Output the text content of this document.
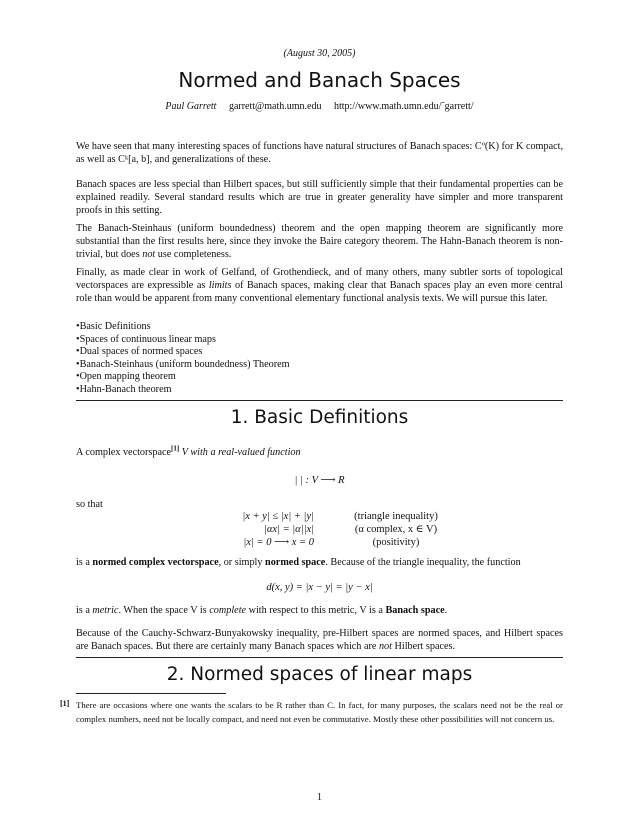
(August 30, 2005)
Normed and Banach Spaces
Paul Garrett garrett@math.umn.edu http://www.math.umn.edu/˜garrett/

We have seen that many interesting spaces of functions have natural structures of Banach spaces: Cº(K) for K compact, as well as Cᵏ[a, b], and generalizations of these.

Banach spaces are less special than Hilbert spaces, but still sufficiently simple that their fundamental properties can be explained readily. Several standard results which are true in greater generality have simpler and more transparent proofs in this setting.

The Banach-Steinhaus (uniform boundedness) theorem and the open mapping theorem are significantly more substantial than the first results here, since they invoke the Baire category theorem. The Hahn-Banach theorem is non-trivial, but does not use completeness.

Finally, as made clear in work of Gelfand, of Grothendieck, and of many others, many subtler sorts of topological vectorspaces are expressible as limits of Banach spaces, making clear that Banach spaces play an even more central role than would be apparent from many conventional elementary functional analysis texts. We will pursue this later.

• Basic Definitions
• Spaces of continuous linear maps
• Dual spaces of normed spaces
• Banach-Steinhaus (uniform boundedness) Theorem
• Open mapping theorem
• Hahn-Banach theorem
1. Basic Definitions

A complex vectorspace[1] V with a real-valued function

| | : V ⟶ R

so that

|x + y| ≤ |x| + |y|	(triangle inequality)
|αx| = |α||x|	(α complex, x ∈ V)
|x| = 0 ⟶ x = 0	(positivity)

is a normed complex vectorspace, or simply normed space. Because of the triangle inequality, the function

d(x, y) = |x − y| = |y − x|

is a metric. When the space V is complete with respect to this metric, V is a Banach space.

Because of the Cauchy-Schwarz-Bunyakowsky inequality, pre-Hilbert spaces are normed spaces, and Hilbert spaces are Banach spaces. But there are certainly many Banach spaces which are not Hilbert spaces.

2. Normed spaces of linear maps
[1] There are occasions where one wants the scalars to be R rather than C. In fact, for many purposes, the scalars need not be the real or complex numbers, need not be locally compact, and need not even be commutative. Mostly these other possibilities will not concern us.

1
